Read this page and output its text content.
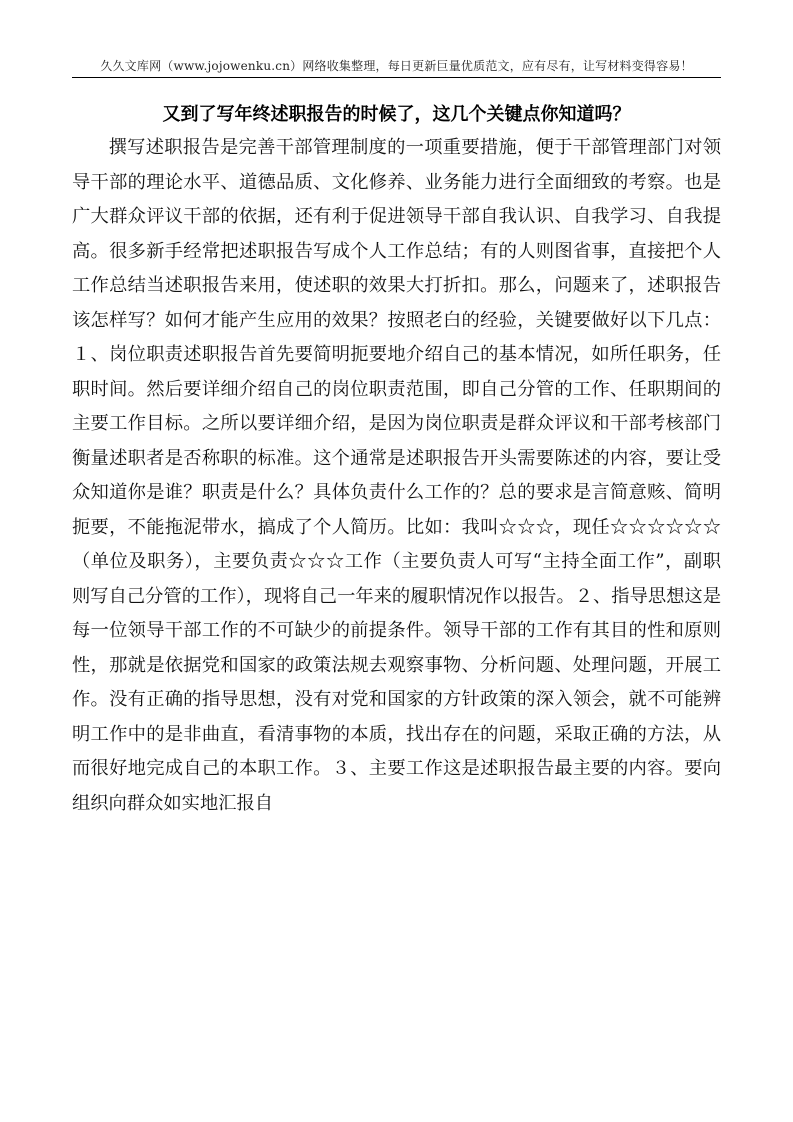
久久文库网（www.jojowenku.cn）网络收集整理，每日更新巨量优质范文，应有尽有，让写材料变得容易！
又到了写年终述职报告的时候了，这几个关键点你知道吗？

撰写述职报告是完善干部管理制度的一项重要措施，便于干部管理部门对领导干部的理论水平、道德品质、文化修养、业务能力进行全面细致的考察。也是广大群众评议干部的依据，还有利于促进领导干部自我认识、自我学习、自我提高。很多新手经常把述职报告写成个人工作总结；有的人则图省事，直接把个人工作总结当述职报告来用，使述职的效果大打折扣。那么，问题来了，述职报告该怎样写？如何才能产生应用的效果？按照老白的经验，关键要做好以下几点：１、岗位职责述职报告首先要简明扼要地介绍自己的基本情况，如所任职务，任职时间。然后要详细介绍自己的岗位职责范围，即自己分管的工作、任职期间的主要工作目标。之所以要详细介绍，是因为岗位职责是群众评议和干部考核部门衡量述职者是否称职的标准。这个通常是述职报告开头需要陈述的内容，要让受众知道你是谁？职责是什么？具体负责什么工作的？总的要求是言简意赅、简明扼要，不能拖泥带水，搞成了个人简历。比如：我叫☆☆☆，现任☆☆☆☆☆☆（单位及职务），主要负责☆☆☆工作（主要负责人可写“主持全面工作”，副职则写自己分管的工作），现将自己一年来的履职情况作以报告。２、指导思想这是每一位领导干部工作的不可缺少的前提条件。领导干部的工作有其目的性和原则性，那就是依据党和国家的政策法规去观察事物、分析问题、处理问题，开展工作。没有正确的指导思想，没有对党和国家的方针政策的深入领会，就不可能辨明工作中的是非曲直，看清事物的本质，找出存在的问题，采取正确的方法，从而很好地完成自己的本职工作。３、主要工作这是述职报告最主要的内容。要向组织向群众如实地汇报自
